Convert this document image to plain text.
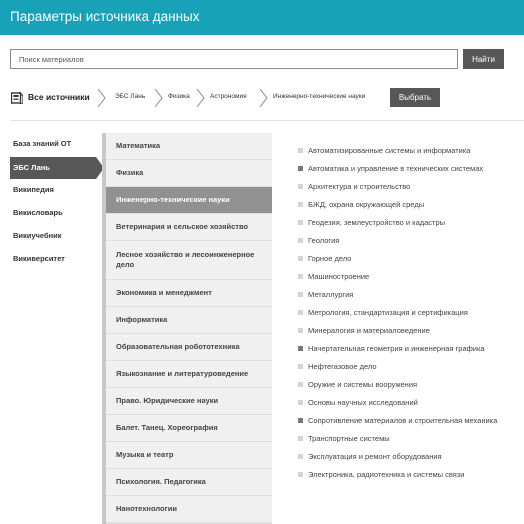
Параметры источника данных
Поиск материалов
Найти
Все источники	ЭБС Лань	Физика	Астрономия	Инженерно-технические науки	Выбрать
База знаний ОТ
ЭБС Лань
Википедия
Викисловарь
Викиучебник
Викиверситет
Математика
Физика
Инженерно-технические науки
Ветеринария и сельское хозяйство
Лесное хозяйство и лесоинженерное дело
Экономика и менеджмент
Информатика
Образовательная робототехника
Языкознание и литературоведение
Право. Юридические науки
Балет. Танец. Хореография
Музыка и театр
Психология. Педагогика
Нанотехнологии
Автоматизированные системы и информатика
Автоматика и управление в технических системах
Архитектура и строительство
БЖД, охрана окружающей среды
Геодезия, землеустройство и кадастры
Геология
Горное дело
Машиностроение
Металлургия
Метрология, стандартизация и сертификация
Минералогия и материаловедение
Начертательная геометрия и инженерная графика
Нефтегазовое дело
Оружие и системы вооружения
Основы научных исследований
Сопротивление материалов и строительная механика
Транспортные системы
Эксплуатация и ремонт оборудования
Электроника, радиотехника и системы связи
